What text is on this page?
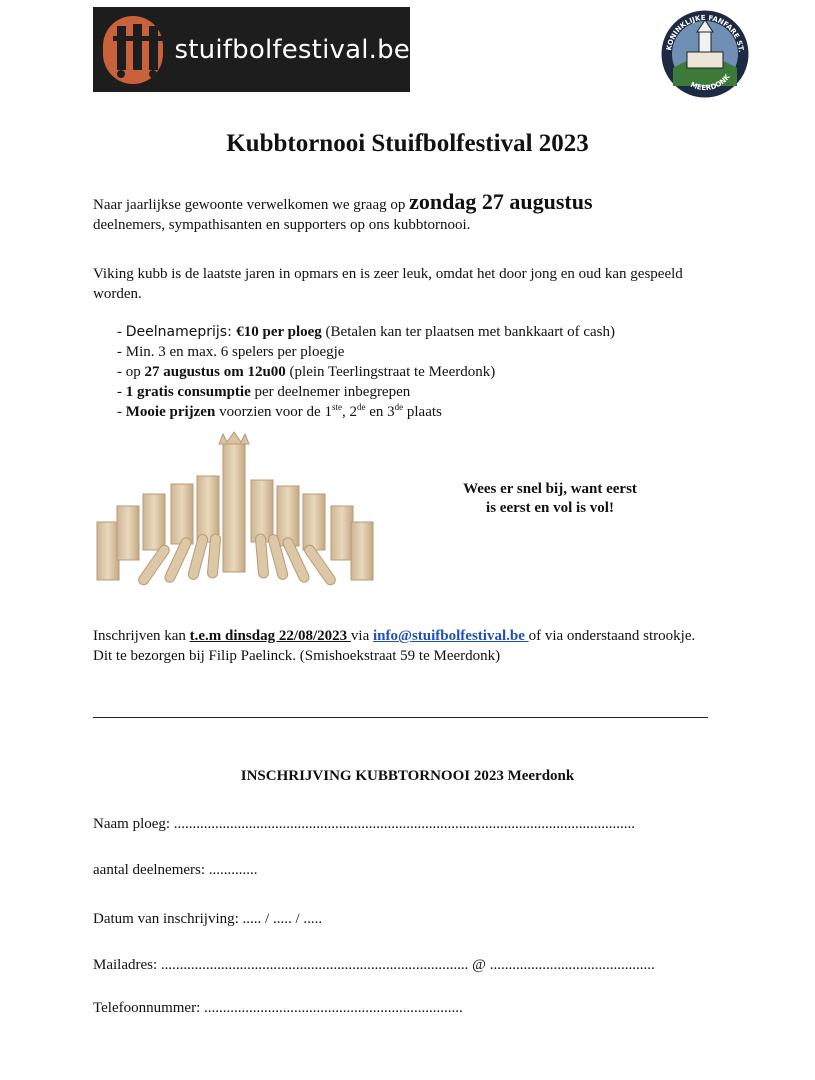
stuifbolfestival.be	KONINKLIJKE FANFARE ST.
MEERDONK
Kubbtornooi Stuifbolfestival 2023
Naar jaarlijkse gewoonte verwelkomen we graag op zondag 27 augustus
deelnemers, sympathisanten en supporters op ons kubbtornooi.
Viking kubb is de laatste jaren in opmars en is zeer leuk, omdat het door jong en oud kan gespeeld worden.
- Deelnameprijs: €10 per ploeg (Betalen kan ter plaatsen met bankkaart of cash)
- Min. 3 en max. 6 spelers per ploegje
- op 27 augustus om 12u00 (plein Teerlingstraat te Meerdonk)
- 1 gratis consumptie per deelnemer inbegrepen
- Mooie prijzen voorzien voor de 1ste, 2de en 3de plaats
Wees er snel bij, want eerst
is eerst en vol is vol!
Inschrijven kan t.e.m dinsdag 22/08/2023 via info@stuifbolfestival.be of via onderstaand strookje.
Dit te bezorgen bij Filip Paelinck. (Smishoekstraat 59 te Meerdonk)
INSCHRIJVING KUBBTORNOOI 2023 Meerdonk
Naam ploeg: ...........................................................................................................................
aantal deelnemers: .............
Datum van inschrijving: ..... / ..... / .....
Mailadres: .................................................................................. @ ............................................
Telefoonnummer: .....................................................................
